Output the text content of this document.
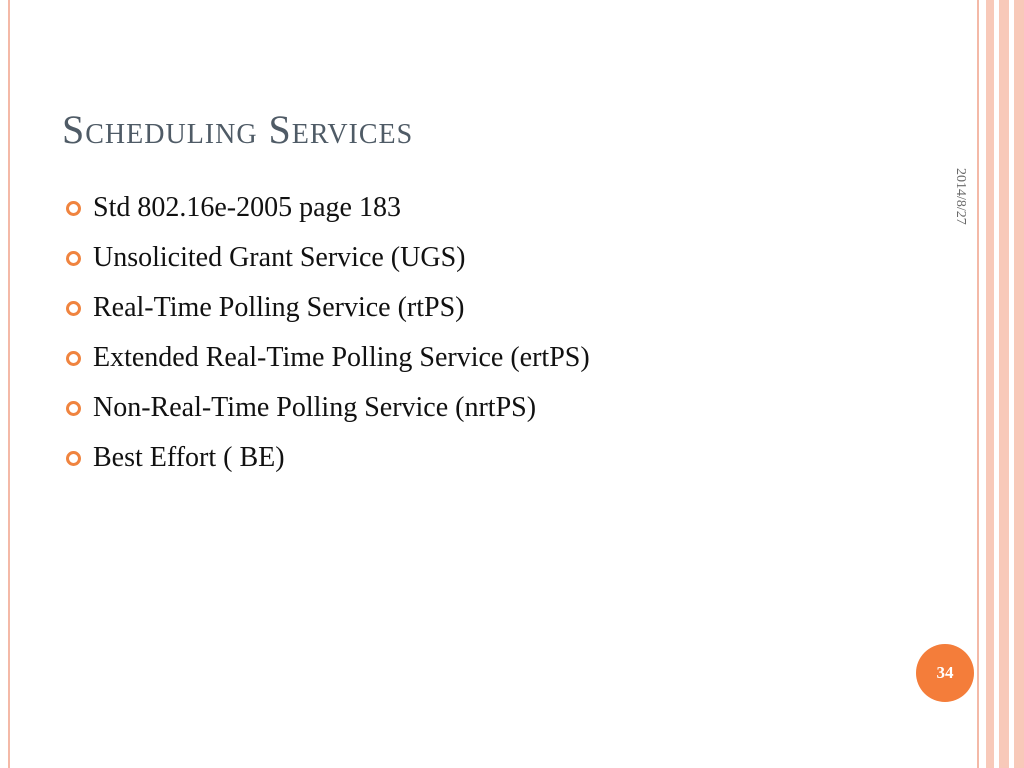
Scheduling Services
Std 802.16e-2005 page 183
Unsolicited Grant Service (UGS)
Real-Time Polling Service (rtPS)
Extended Real-Time Polling Service (ertPS)
Non-Real-Time Polling Service (nrtPS)
Best Effort ( BE)
2014/8/27
34
